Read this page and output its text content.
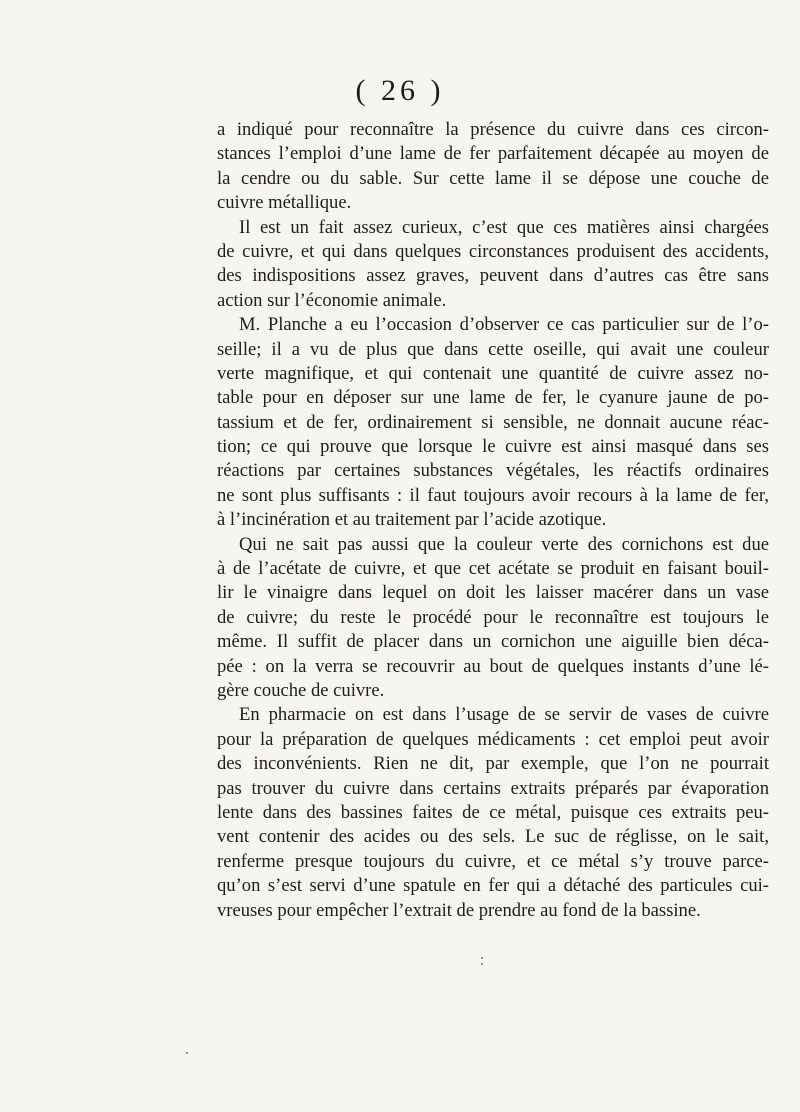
( 26 )
a indiqué pour reconnaître la présence du cuivre dans ces circon-
stances l’emploi d’une lame de fer parfaitement décapée au moyen de
la cendre ou du sable. Sur cette lame il se dépose une couche de
cuivre métallique.
Il est un fait assez curieux, c’est que ces matières ainsi chargées
de cuivre, et qui dans quelques circonstances produisent des accidents,
des indispositions assez graves, peuvent dans d’autres cas être sans
action sur l’économie animale.
M. Planche a eu l’occasion d’observer ce cas particulier sur de l’o-
seille; il a vu de plus que dans cette oseille, qui avait une couleur
verte magnifique, et qui contenait une quantité de cuivre assez no-
table pour en déposer sur une lame de fer, le cyanure jaune de po-
tassium et de fer, ordinairement si sensible, ne donnait aucune réac-
tion; ce qui prouve que lorsque le cuivre est ainsi masqué dans ses
réactions par certaines substances végétales, les réactifs ordinaires
ne sont plus suffisants : il faut toujours avoir recours à la lame de fer,
à l’incinération et au traitement par l’acide azotique.
Qui ne sait pas aussi que la couleur verte des cornichons est due
à de l’acétate de cuivre, et que cet acétate se produit en faisant bouil-
lir le vinaigre dans lequel on doit les laisser macérer dans un vase
de cuivre; du reste le procédé pour le reconnaître est toujours le
même. Il suffit de placer dans un cornichon une aiguille bien déca-
pée : on la verra se recouvrir au bout de quelques instants d’une lé-
gère couche de cuivre.
En pharmacie on est dans l’usage de se servir de vases de cuivre
pour la préparation de quelques médicaments : cet emploi peut avoir
des inconvénients. Rien ne dit, par exemple, que l’on ne pourrait
pas trouver du cuivre dans certains extraits préparés par évaporation
lente dans des bassines faites de ce métal, puisque ces extraits peu-
vent contenir des acides ou des sels. Le suc de réglisse, on le sait,
renferme presque toujours du cuivre, et ce métal s’y trouve parce-
qu’on s’est servi d’une spatule en fer qui a détaché des particules cui-
vreuses pour empêcher l’extrait de prendre au fond de la bassine.
